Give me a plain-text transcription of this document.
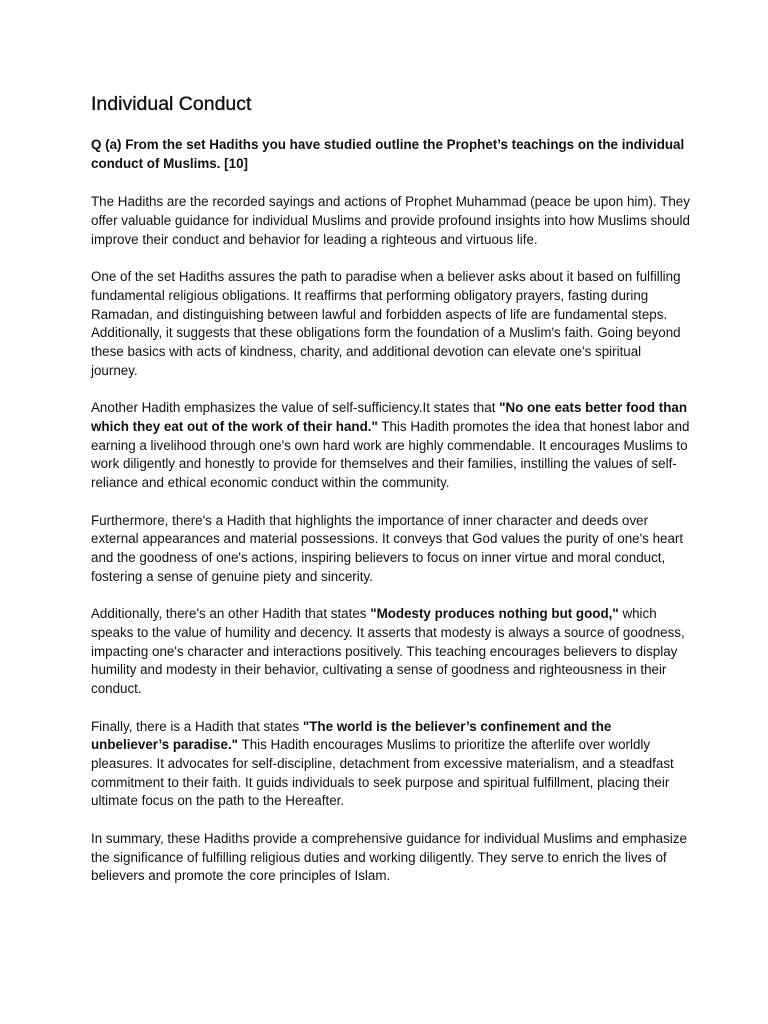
Individual Conduct
Q (a) From the set Hadiths you have studied outline the Prophet’s teachings on the individual conduct of Muslims. [10]

The Hadiths are the recorded sayings and actions of Prophet Muhammad (peace be upon him). They offer valuable guidance for individual Muslims and provide profound insights into how Muslims should improve their conduct and behavior for leading a righteous and virtuous life.

One of the set Hadiths assures the path to paradise when a believer asks about it based on fulfilling fundamental religious obligations. It reaffirms that performing obligatory prayers, fasting during Ramadan, and distinguishing between lawful and forbidden aspects of life are fundamental steps. Additionally, it suggests that these obligations form the foundation of a Muslim's faith. Going beyond these basics with acts of kindness, charity, and additional devotion can elevate one's spiritual journey.

Another Hadith emphasizes the value of self-sufficiency.It states that "No one eats better food than which they eat out of the work of their hand." This Hadith promotes the idea that honest labor and earning a livelihood through one's own hard work are highly commendable. It encourages Muslims to work diligently and honestly to provide for themselves and their families, instilling the values of self-reliance and ethical economic conduct within the community.

Furthermore, there's a Hadith that highlights the importance of inner character and deeds over external appearances and material possessions. It conveys that God values the purity of one's heart and the goodness of one's actions, inspiring believers to focus on inner virtue and moral conduct, fostering a sense of genuine piety and sincerity.

Additionally, there's an other Hadith that states "Modesty produces nothing but good," which speaks to the value of humility and decency. It asserts that modesty is always a source of goodness, impacting one's character and interactions positively. This teaching encourages believers to display humility and modesty in their behavior, cultivating a sense of goodness and righteousness in their conduct.

Finally, there is a Hadith that states "The world is the believer’s confinement and the unbeliever’s paradise." This Hadith encourages Muslims to prioritize the afterlife over worldly pleasures. It advocates for self-discipline, detachment from excessive materialism, and a steadfast commitment to their faith. It guids individuals to seek purpose and spiritual fulfillment, placing their ultimate focus on the path to the Hereafter.

In summary, these Hadiths provide a comprehensive guidance for individual Muslims and emphasize the significance of fulfilling religious duties and working diligently. They serve to enrich the lives of believers and promote the core principles of Islam.
